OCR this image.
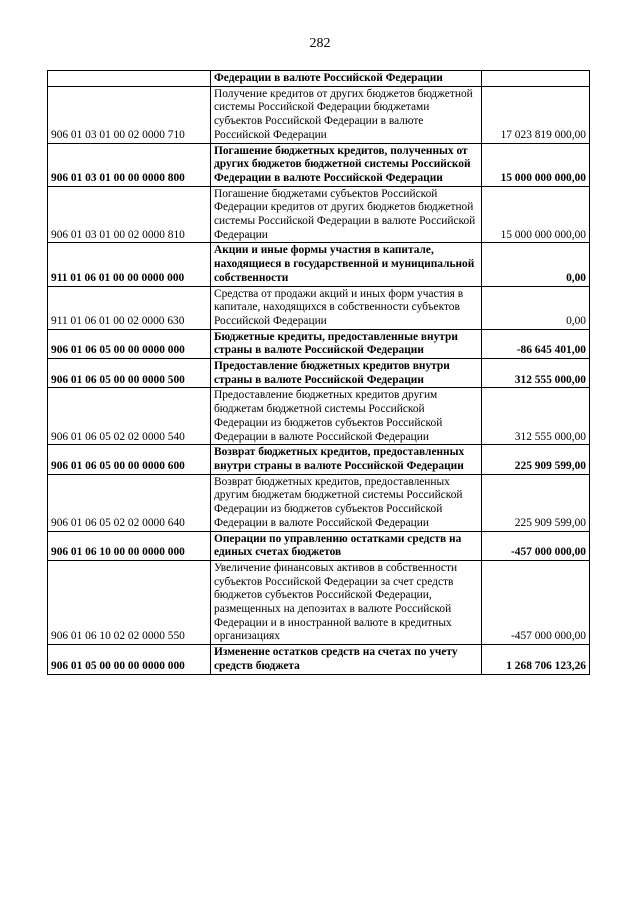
282
	Федерации в валюте Российской Федерации	
906 01 03 01 00 02 0000 710	Получение кредитов от других бюджетов бюджетной системы Российской Федерации бюджетами субъектов Российской Федерации в валюте Российской Федерации	17 023 819 000,00
906 01 03 01 00 00 0000 800	Погашение бюджетных кредитов, полученных от других бюджетов бюджетной системы Российской Федерации в валюте Российской Федерации	15 000 000 000,00
906 01 03 01 00 02 0000 810	Погашение бюджетами субъектов Российской Федерации кредитов от других бюджетов бюджетной системы Российской Федерации в валюте Российской Федерации	15 000 000 000,00
911 01 06 01 00 00 0000 000	Акции и иные формы участия в капитале, находящиеся в государственной и муниципальной собственности	0,00
911 01 06 01 00 02 0000 630	Средства от продажи акций и иных форм участия в капитале, находящихся в собственности субъектов Российской Федерации	0,00
906 01 06 05 00 00 0000 000	Бюджетные кредиты, предоставленные внутри страны в валюте Российской Федерации	-86 645 401,00
906 01 06 05 00 00 0000 500	Предоставление бюджетных кредитов внутри страны в валюте Российской Федерации	312 555 000,00
906 01 06 05 02 02 0000 540	Предоставление бюджетных кредитов другим бюджетам бюджетной системы Российской Федерации из бюджетов субъектов Российской Федерации в валюте Российской Федерации	312 555 000,00
906 01 06 05 00 00 0000 600	Возврат бюджетных кредитов, предоставленных внутри страны в валюте Российской Федерации	225 909 599,00
906 01 06 05 02 02 0000 640	Возврат бюджетных кредитов, предоставленных другим бюджетам бюджетной системы Российской Федерации из бюджетов субъектов Российской Федерации в валюте Российской Федерации	225 909 599,00
906 01 06 10 00 00 0000 000	Операции по управлению остатками средств на единых счетах бюджетов	-457 000 000,00
906 01 06 10 02 02 0000 550	Увеличение финансовых активов в собственности субъектов Российской Федерации за счет средств бюджетов субъектов Российской Федерации, размещенных на депозитах в валюте Российской Федерации и в иностранной валюте в кредитных организациях	-457 000 000,00
906 01 05 00 00 00 0000 000	Изменение остатков средств на счетах по учету средств бюджета	1 268 706 123,26
